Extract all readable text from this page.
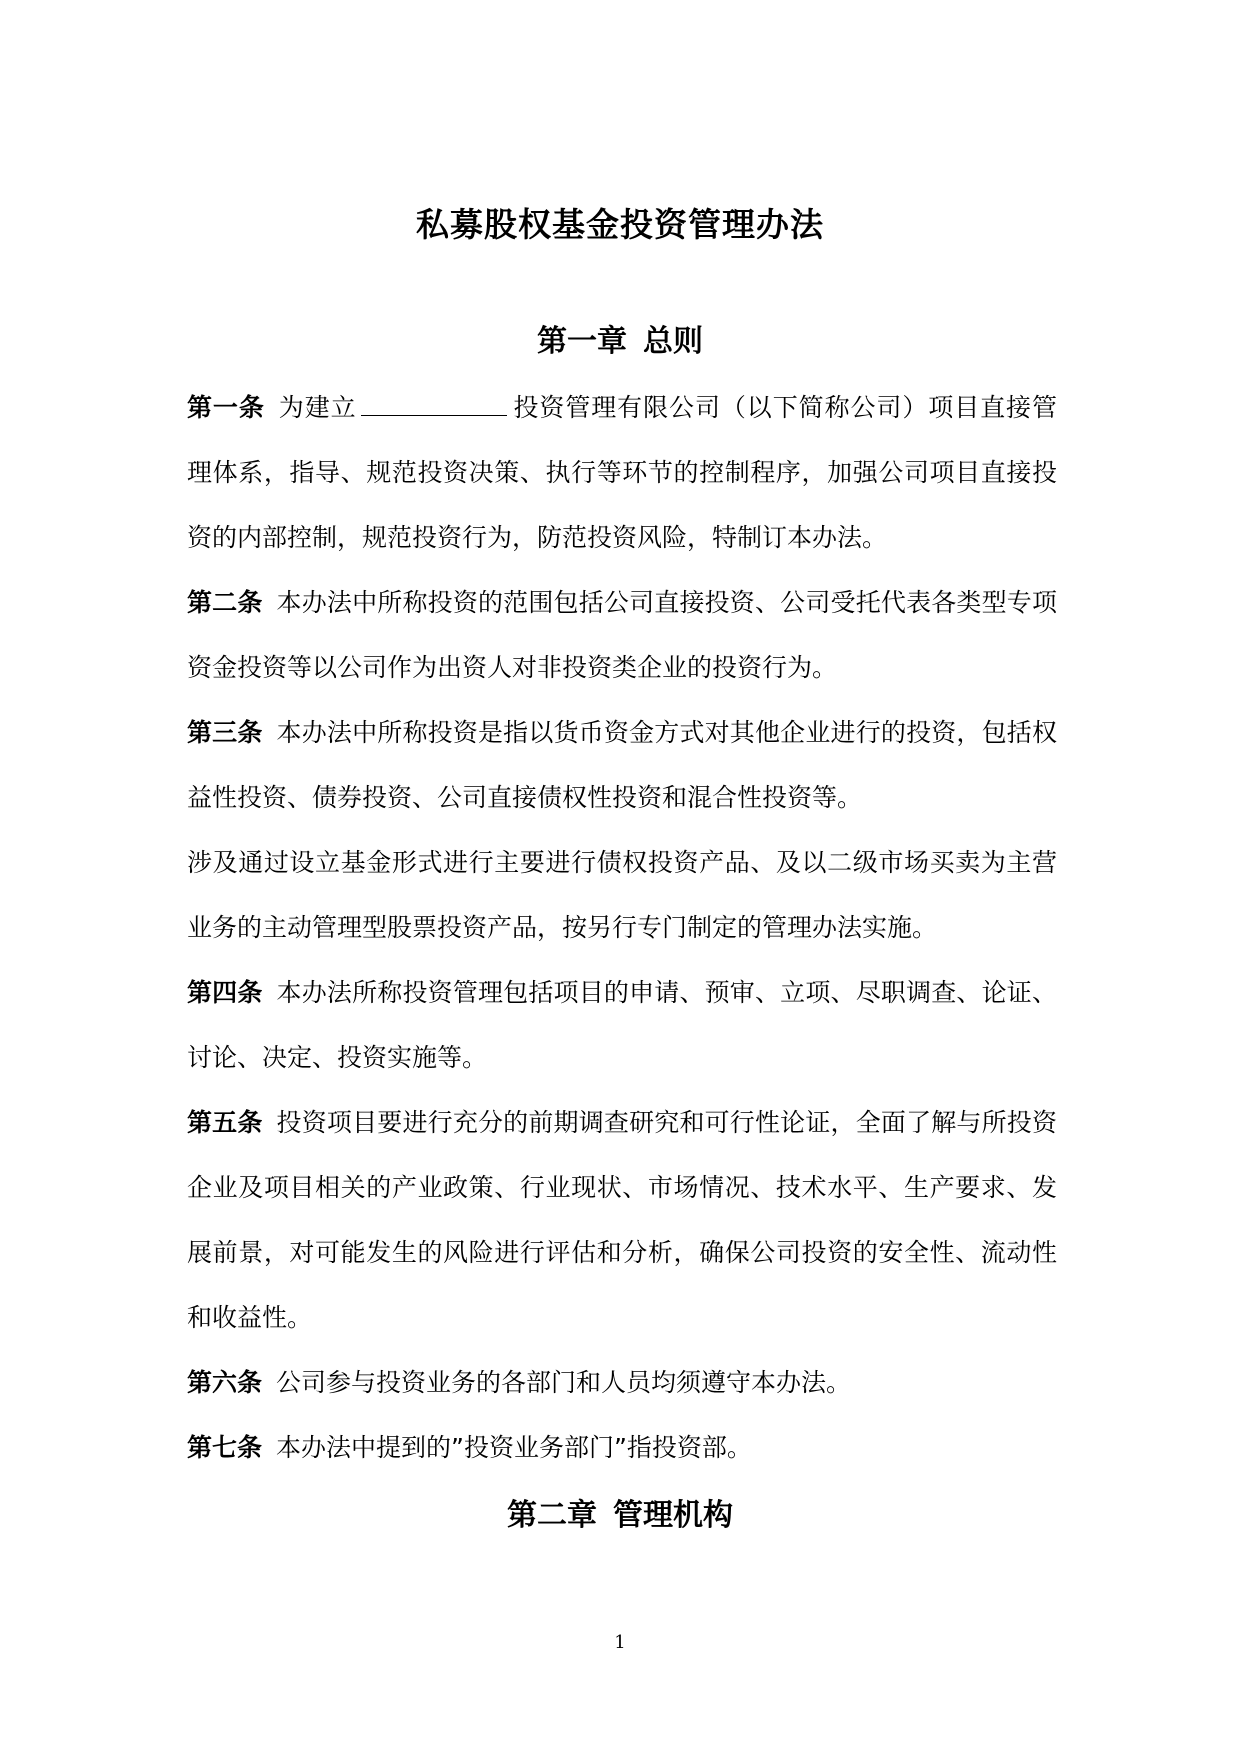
私募股权基金投资管理办法
第一章 总则

第一条 为建立	投资管理有限公司（以下简称公司）项目直接管理体系，指导、规范投资决策、执行等环节的控制程序，加强公司项目直接投资的内部控制，规范投资行为，防范投资风险，特制订本办法。

第二条 本办法中所称投资的范围包括公司直接投资、公司受托代表各类型专项资金投资等以公司作为出资人对非投资类企业的投资行为。

第三条 本办法中所称投资是指以货币资金方式对其他企业进行的投资，包括权益性投资、债券投资、公司直接债权性投资和混合性投资等。

涉及通过设立基金形式进行主要进行债权投资产品、及以二级市场买卖为主营业务的主动管理型股票投资产品，按另行专门制定的管理办法实施。

第四条 本办法所称投资管理包括项目的申请、预审、立项、尽职调查、论证、讨论、决定、投资实施等。

第五条 投资项目要进行充分的前期调查研究和可行性论证，全面了解与所投资企业及项目相关的产业政策、行业现状、市场情况、技术水平、生产要求、发展前景，对可能发生的风险进行评估和分析，确保公司投资的安全性、流动性和收益性。

第六条 公司参与投资业务的各部门和人员均须遵守本办法。

第七条 本办法中提到的”投资业务部门”指投资部。

第二章 管理机构
1
